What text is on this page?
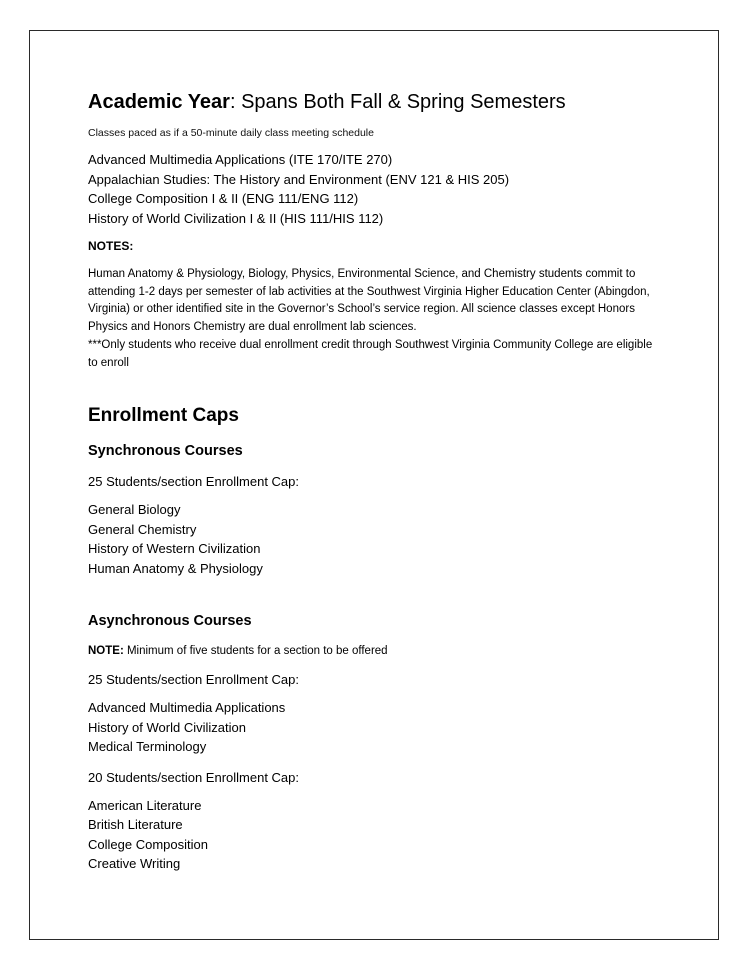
Academic Year: Spans Both Fall & Spring Semesters
Classes paced as if a 50-minute daily class meeting schedule
Advanced Multimedia Applications (ITE 170/ITE 270)
Appalachian Studies: The History and Environment (ENV 121 & HIS 205)
College Composition I & II (ENG 111/ENG 112)
History of World Civilization I & II (HIS 111/HIS 112)
NOTES:
Human Anatomy & Physiology, Biology, Physics, Environmental Science, and Chemistry students commit to attending 1-2 days per semester of lab activities at the Southwest Virginia Higher Education Center (Abingdon, Virginia) or other identified site in the Governor’s School’s service region. All science classes except Honors Physics and Honors Chemistry are dual enrollment lab sciences.
***Only students who receive dual enrollment credit through Southwest Virginia Community College are eligible to enroll
Enrollment Caps
Synchronous Courses
25 Students/section Enrollment Cap:
General Biology
General Chemistry
History of Western Civilization
Human Anatomy & Physiology
Asynchronous Courses
NOTE: Minimum of five students for a section to be offered
25 Students/section Enrollment Cap:
Advanced Multimedia Applications
History of World Civilization
Medical Terminology
20 Students/section Enrollment Cap:
American Literature
British Literature
College Composition
Creative Writing
